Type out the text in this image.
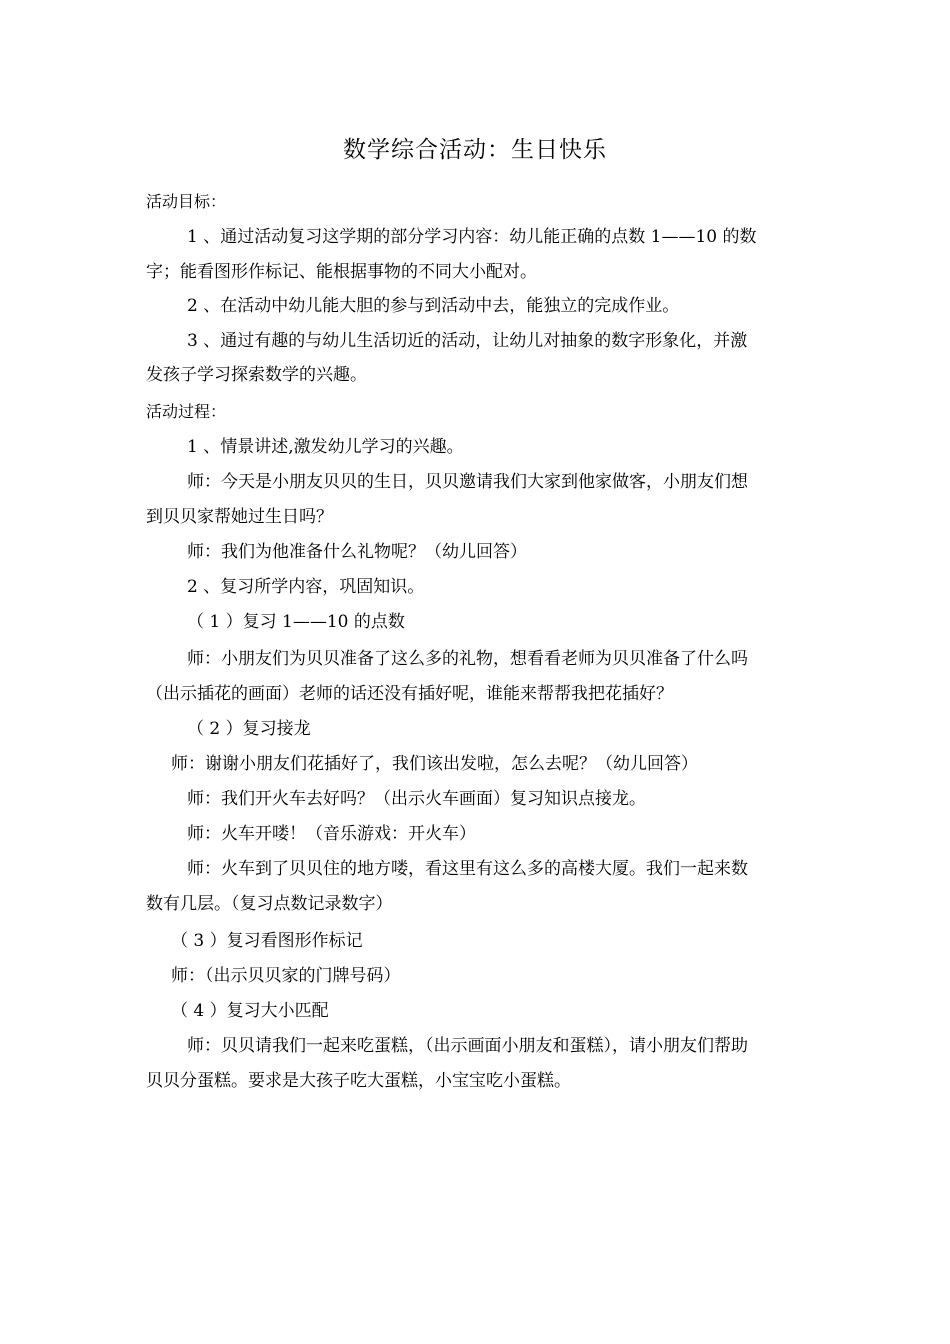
数学综合活动：生日快乐
活动目标：
1 、通过活动复习这学期的部分学习内容：幼儿能正确的点数 1——10 的数
字；能看图形作标记、能根据事物的不同大小配对。
2 、在活动中幼儿能大胆的参与到活动中去，能独立的完成作业。
3 、通过有趣的与幼儿生活切近的活动，让幼儿对抽象的数字形象化，并激
发孩子学习探索数学的兴趣。
活动过程：
1 、情景讲述,激发幼儿学习的兴趣。
师：今天是小朋友贝贝的生日，贝贝邀请我们大家到他家做客，小朋友们想
到贝贝家帮她过生日吗？
师：我们为他准备什么礼物呢？（幼儿回答）
2 、复习所学内容，巩固知识。
（ 1 ）复习 1——10 的点数
师：小朋友们为贝贝准备了这么多的礼物，想看看老师为贝贝准备了什么吗
（出示插花的画面）老师的话还没有插好呢，谁能来帮帮我把花插好？
（ 2 ）复习接龙
师：谢谢小朋友们花插好了，我们该出发啦，怎么去呢？（幼儿回答）
师：我们开火车去好吗？（出示火车画面）复习知识点接龙。
师：火车开喽！（音乐游戏：开火车）
师：火车到了贝贝住的地方喽，看这里有这么多的高楼大厦。我们一起来数
数有几层。（复习点数记录数字）
（ 3 ）复习看图形作标记
师：（出示贝贝家的门牌号码）
（ 4 ）复习大小匹配
师：贝贝请我们一起来吃蛋糕，（出示画面小朋友和蛋糕），请小朋友们帮助
贝贝分蛋糕。要求是大孩子吃大蛋糕，小宝宝吃小蛋糕。
